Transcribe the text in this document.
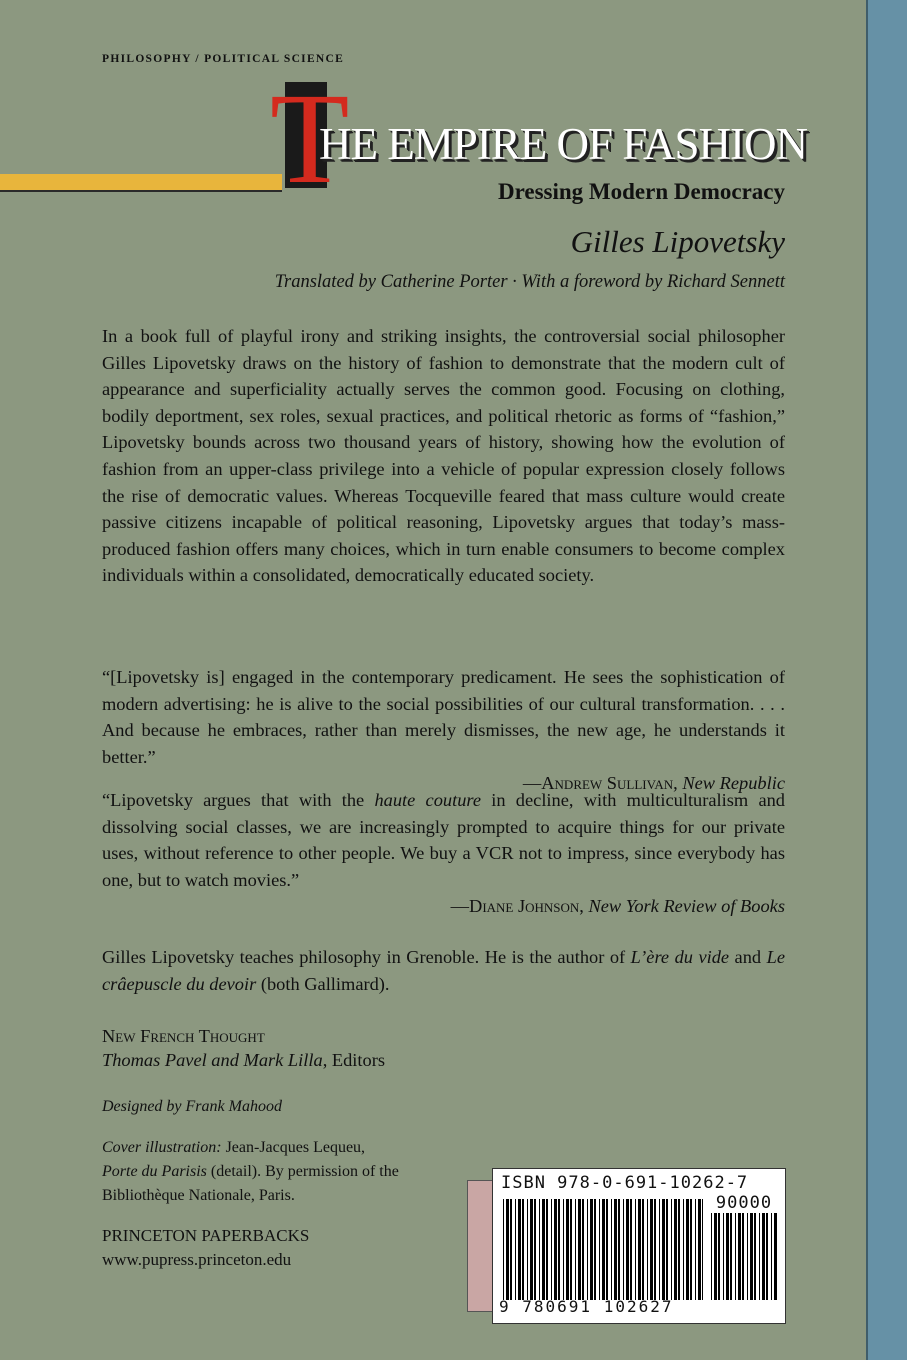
PHILOSOPHY / POLITICAL SCIENCE
T
HE EMPIRE OF FASHION
Dressing Modern Democracy
Gilles Lipovetsky
Translated by Catherine Porter · With a foreword by Richard Sennett
In a book full of playful irony and striking insights, the controversial social philosopher Gilles Lipovetsky draws on the history of fashion to demonstrate that the modern cult of appearance and superficiality actually serves the common good. Focusing on clothing, bodily deportment, sex roles, sexual practices, and political rhetoric as forms of “fashion,” Lipovetsky bounds across two thousand years of history, showing how the evolution of fashion from an upper-class privilege into a vehicle of popular expression closely follows the rise of democratic values. Whereas Tocqueville feared that mass culture would create passive citizens incapable of political reasoning, Lipovetsky argues that today’s mass-produced fashion offers many choices, which in turn enable consumers to become complex individuals within a consolidated, democratically educated society.
“[Lipovetsky is] engaged in the contemporary predicament. He sees the sophistication of modern advertising: he is alive to the social possibilities of our cultural transformation. . . . And because he embraces, rather than merely dismisses, the new age, he understands it better.”
—Andrew Sullivan, New Republic
“Lipovetsky argues that with the haute couture in decline, with multiculturalism and dissolving social classes, we are increasingly prompted to acquire things for our private uses, without reference to other people. We buy a VCR not to impress, since everybody has one, but to watch movies.”
—Diane Johnson, New York Review of Books
Gilles Lipovetsky teaches philosophy in Grenoble. He is the author of L’ère du vide and Le crâepuscle du devoir (both Gallimard).
New French Thought
Thomas Pavel and Mark Lilla, Editors
Designed by Frank Mahood
Cover illustration: Jean-Jacques Lequeu,
Porte du Parisis (detail). By permission of the Bibliothèque Nationale, Paris.
PRINCETON PAPERBACKS
www.pupress.princeton.edu
ISBN 978-0-691-10262-7
90000
9 780691 102627
